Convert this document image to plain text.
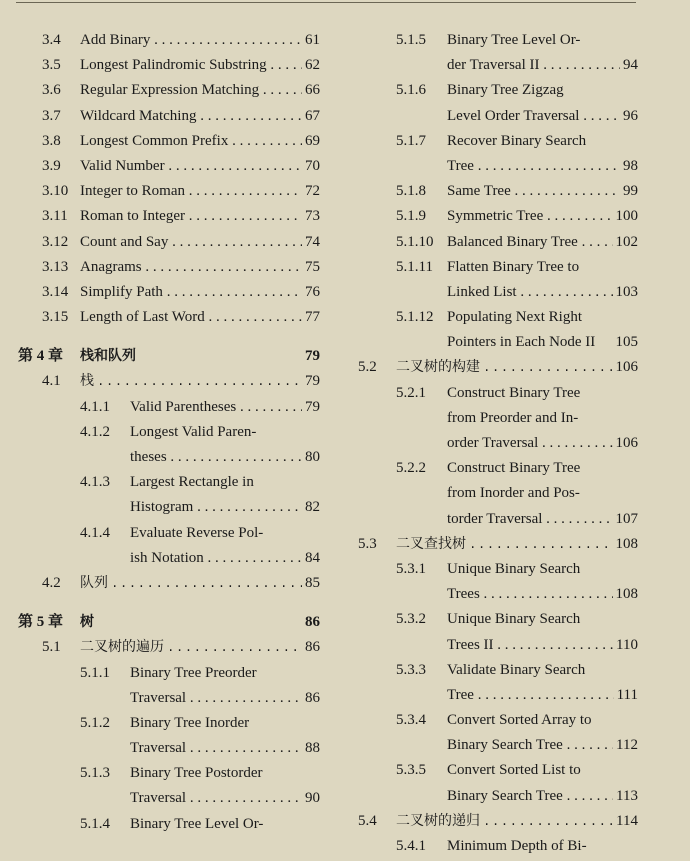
3.4 Add Binary . . .	61
3.5 Longest Palindromic Substring . . .	62
3.6 Regular Expression Matching . . .	66
3.7 Wildcard Matching . . .	67
3.8 Longest Common Prefix . . .	69
3.9 Valid Number . . .	70
3.10 Integer to Roman . . .	72
3.11 Roman to Integer . . .	73
3.12 Count and Say . . .	74
3.13 Anagrams . . .	75
3.14 Simplify Path . . .	76
3.15 Length of Last Word . . .	77
第 4 章 栈和队列	79
4.1 栈 . . .	79
4.1.1 Valid Parentheses . . .	79
4.1.2 Longest Valid Paren-
theses . . .	80
4.1.3 Largest Rectangle in
Histogram . . .	82
4.1.4 Evaluate Reverse Pol-
ish Notation . . .	84
4.2 队列 . . .	85
第 5 章 树	86
5.1 二叉树的遍历 . . .	86
5.1.1 Binary Tree Preorder
Traversal . . .	86
5.1.2 Binary Tree Inorder
Traversal . . .	88
5.1.3 Binary Tree Postorder
Traversal . . .	90
5.1.4 Binary Tree Level Or-
5.1.5 Binary Tree Level Or-
der Traversal II . . .	94
5.1.6 Binary Tree Zigzag
Level Order Traversal . . .	96
5.1.7 Recover Binary Search
Tree . . .	98
5.1.8 Same Tree . . .	99
5.1.9 Symmetric Tree . . .	100
5.1.10 Balanced Binary Tree . . .	102
5.1.11 Flatten Binary Tree to
Linked List . . .	103
5.1.12 Populating Next Right
Pointers in Each Node II	105
5.2 二叉树的构建 . . .	106
5.2.1 Construct Binary Tree
from Preorder and In-
order Traversal . . .	106
5.2.2 Construct Binary Tree
from Inorder and Pos-
torder Traversal . . .	107
5.3 二叉查找树 . . .	108
5.3.1 Unique Binary Search
Trees . . .	108
5.3.2 Unique Binary Search
Trees II . . .	110
5.3.3 Validate Binary Search
Tree . . .	111
5.3.4 Convert Sorted Array to
Binary Search Tree . . .	112
5.3.5 Convert Sorted List to
Binary Search Tree . . .	113
5.4 二叉树的递归 . . .	114
5.4.1 Minimum Depth of Bi-
